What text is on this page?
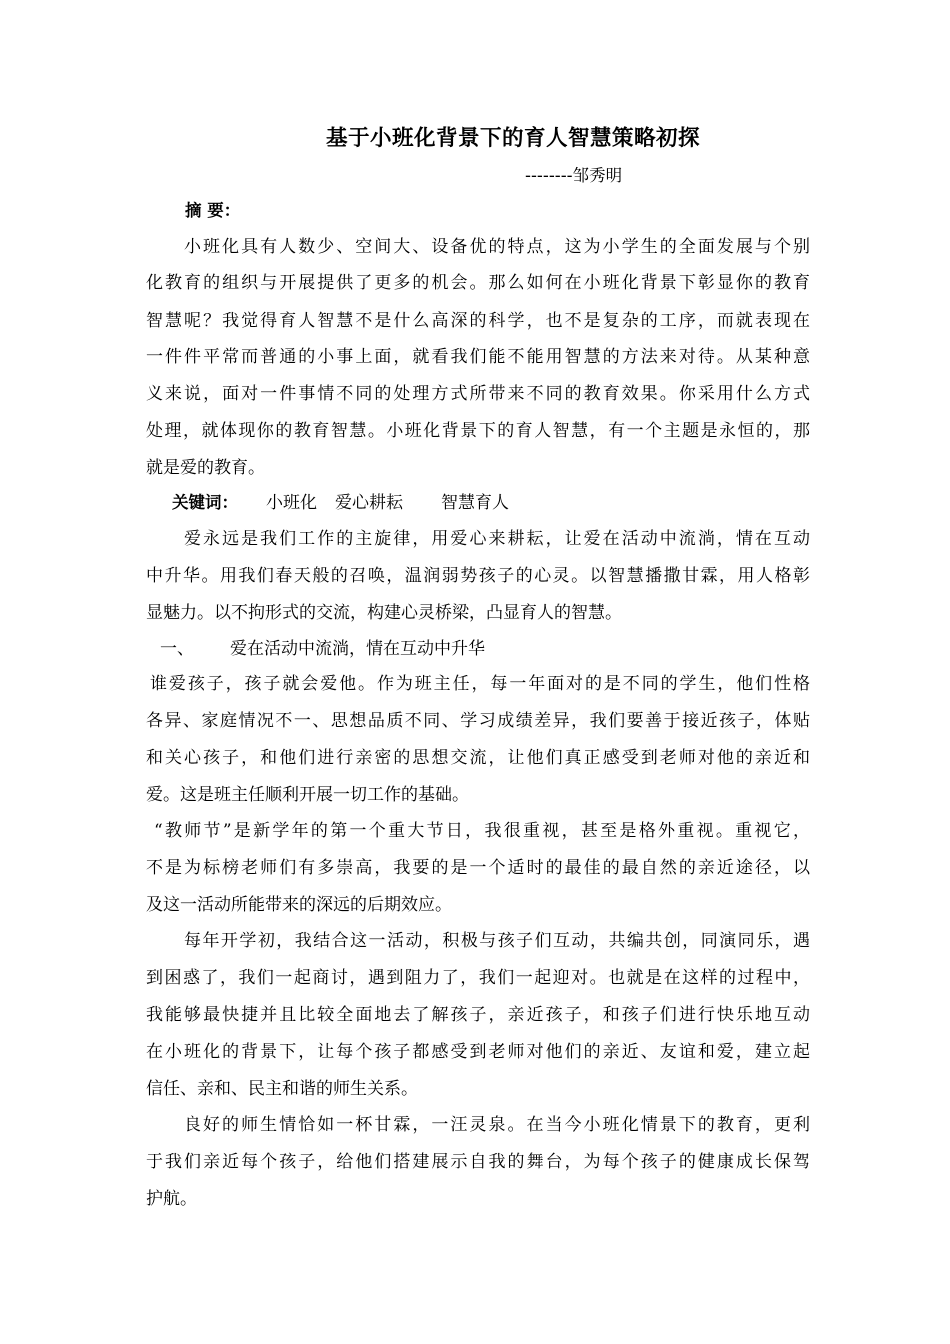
基于小班化背景下的育人智慧策略初探
--------邹秀明
摘 要：
小班化具有人数少、空间大、设备优的特点，这为小学生的全面发展与个别
化教育的组织与开展提供了更多的机会。那么如何在小班化背景下彰显你的教育
智慧呢？我觉得育人智慧不是什么高深的科学，也不是复杂的工序，而就表现在
一件件平常而普通的小事上面，就看我们能不能用智慧的方法来对待。从某种意
义来说，面对一件事情不同的处理方式所带来不同的教育效果。你采用什么方式
处理，就体现你的教育智慧。小班化背景下的育人智慧，有一个主题是永恒的，那
就是爱的教育。
关键词： 小班化 爱心耕耘 智慧育人
爱永远是我们工作的主旋律，用爱心来耕耘，让爱在活动中流淌，情在互动
中升华。用我们春天般的召唤，温润弱势孩子的心灵。以智慧播撒甘霖，用人格彰
显魅力。以不拘形式的交流，构建心灵桥梁，凸显育人的智慧。
一、 爱在活动中流淌，情在互动中升华
谁爱孩子，孩子就会爱他。作为班主任，每一年面对的是不同的学生，他们性格
各异、家庭情况不一、思想品质不同、学习成绩差异，我们要善于接近孩子，体贴
和关心孩子，和他们进行亲密的思想交流，让他们真正感受到老师对他的亲近和
爱。这是班主任顺利开展一切工作的基础。
“教师节”是新学年的第一个重大节日，我很重视，甚至是格外重视。重视它，
不是为标榜老师们有多崇高，我要的是一个适时的最佳的最自然的亲近途径，以
及这一活动所能带来的深远的后期效应。
每年开学初，我结合这一活动，积极与孩子们互动，共编共创，同演同乐，遇
到困惑了，我们一起商讨，遇到阻力了，我们一起迎对。也就是在这样的过程中，
我能够最快捷并且比较全面地去了解孩子，亲近孩子，和孩子们进行快乐地互动
在小班化的背景下，让每个孩子都感受到老师对他们的亲近、友谊和爱，建立起
信任、亲和、民主和谐的师生关系。
良好的师生情恰如一杯甘霖，一汪灵泉。在当今小班化情景下的教育，更利
于我们亲近每个孩子，给他们搭建展示自我的舞台，为每个孩子的健康成长保驾
护航。
